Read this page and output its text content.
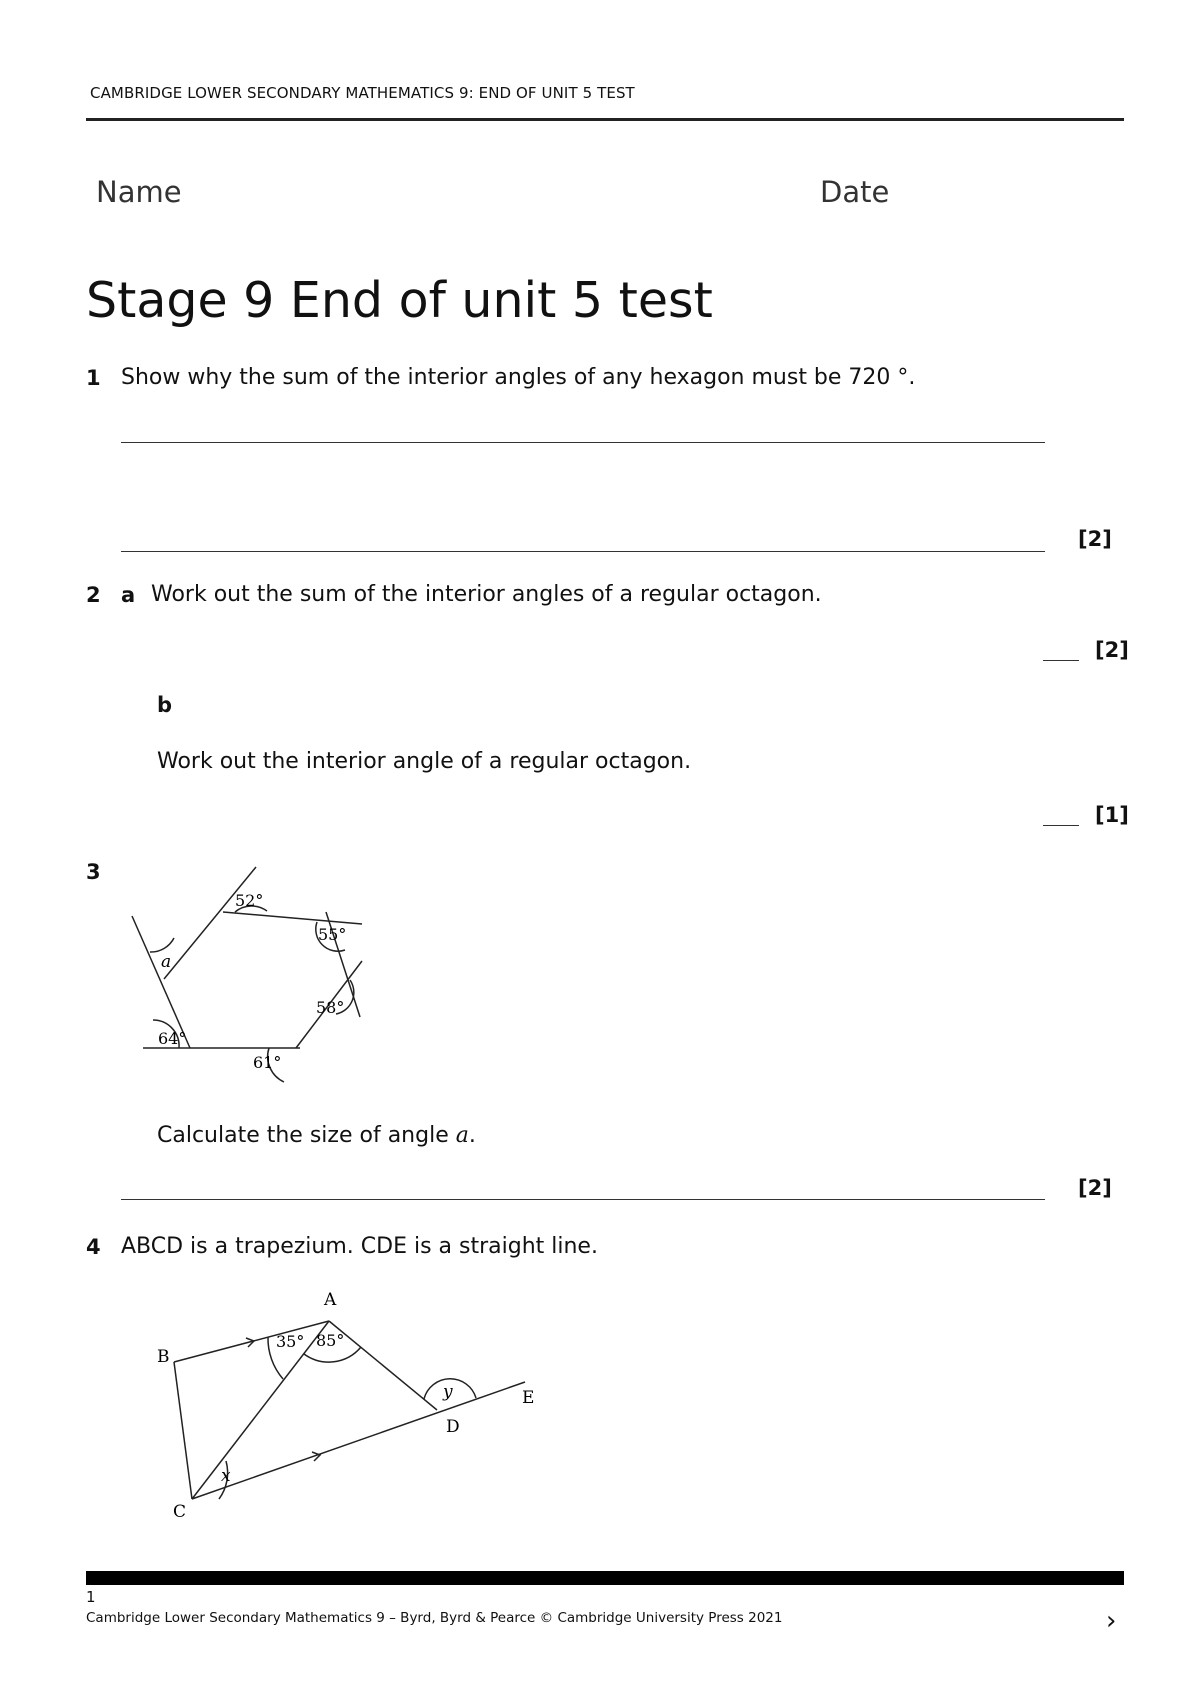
CAMBRIDGE LOWER SECONDARY MATHEMATICS 9: END OF UNIT 5 TEST
Name	Date
Stage 9 End of unit 5 test
1 Show why the sum of the interior angles of any hexagon must be 720 °.
[2]
2 a Work out the sum of the interior angles of a regular octagon.
[2]
b
Work out the interior angle of a regular octagon.
[1]
3
52°
55°
58°
61°
64°
a
Calculate the size of angle a.
[2]
4 ABCD is a trapezium. CDE is a straight line.
A
B
C
D
E
35° 85°
x
y
1
Cambridge Lower Secondary Mathematics 9 – Byrd, Byrd & Pearce © Cambridge University Press 2021	›
